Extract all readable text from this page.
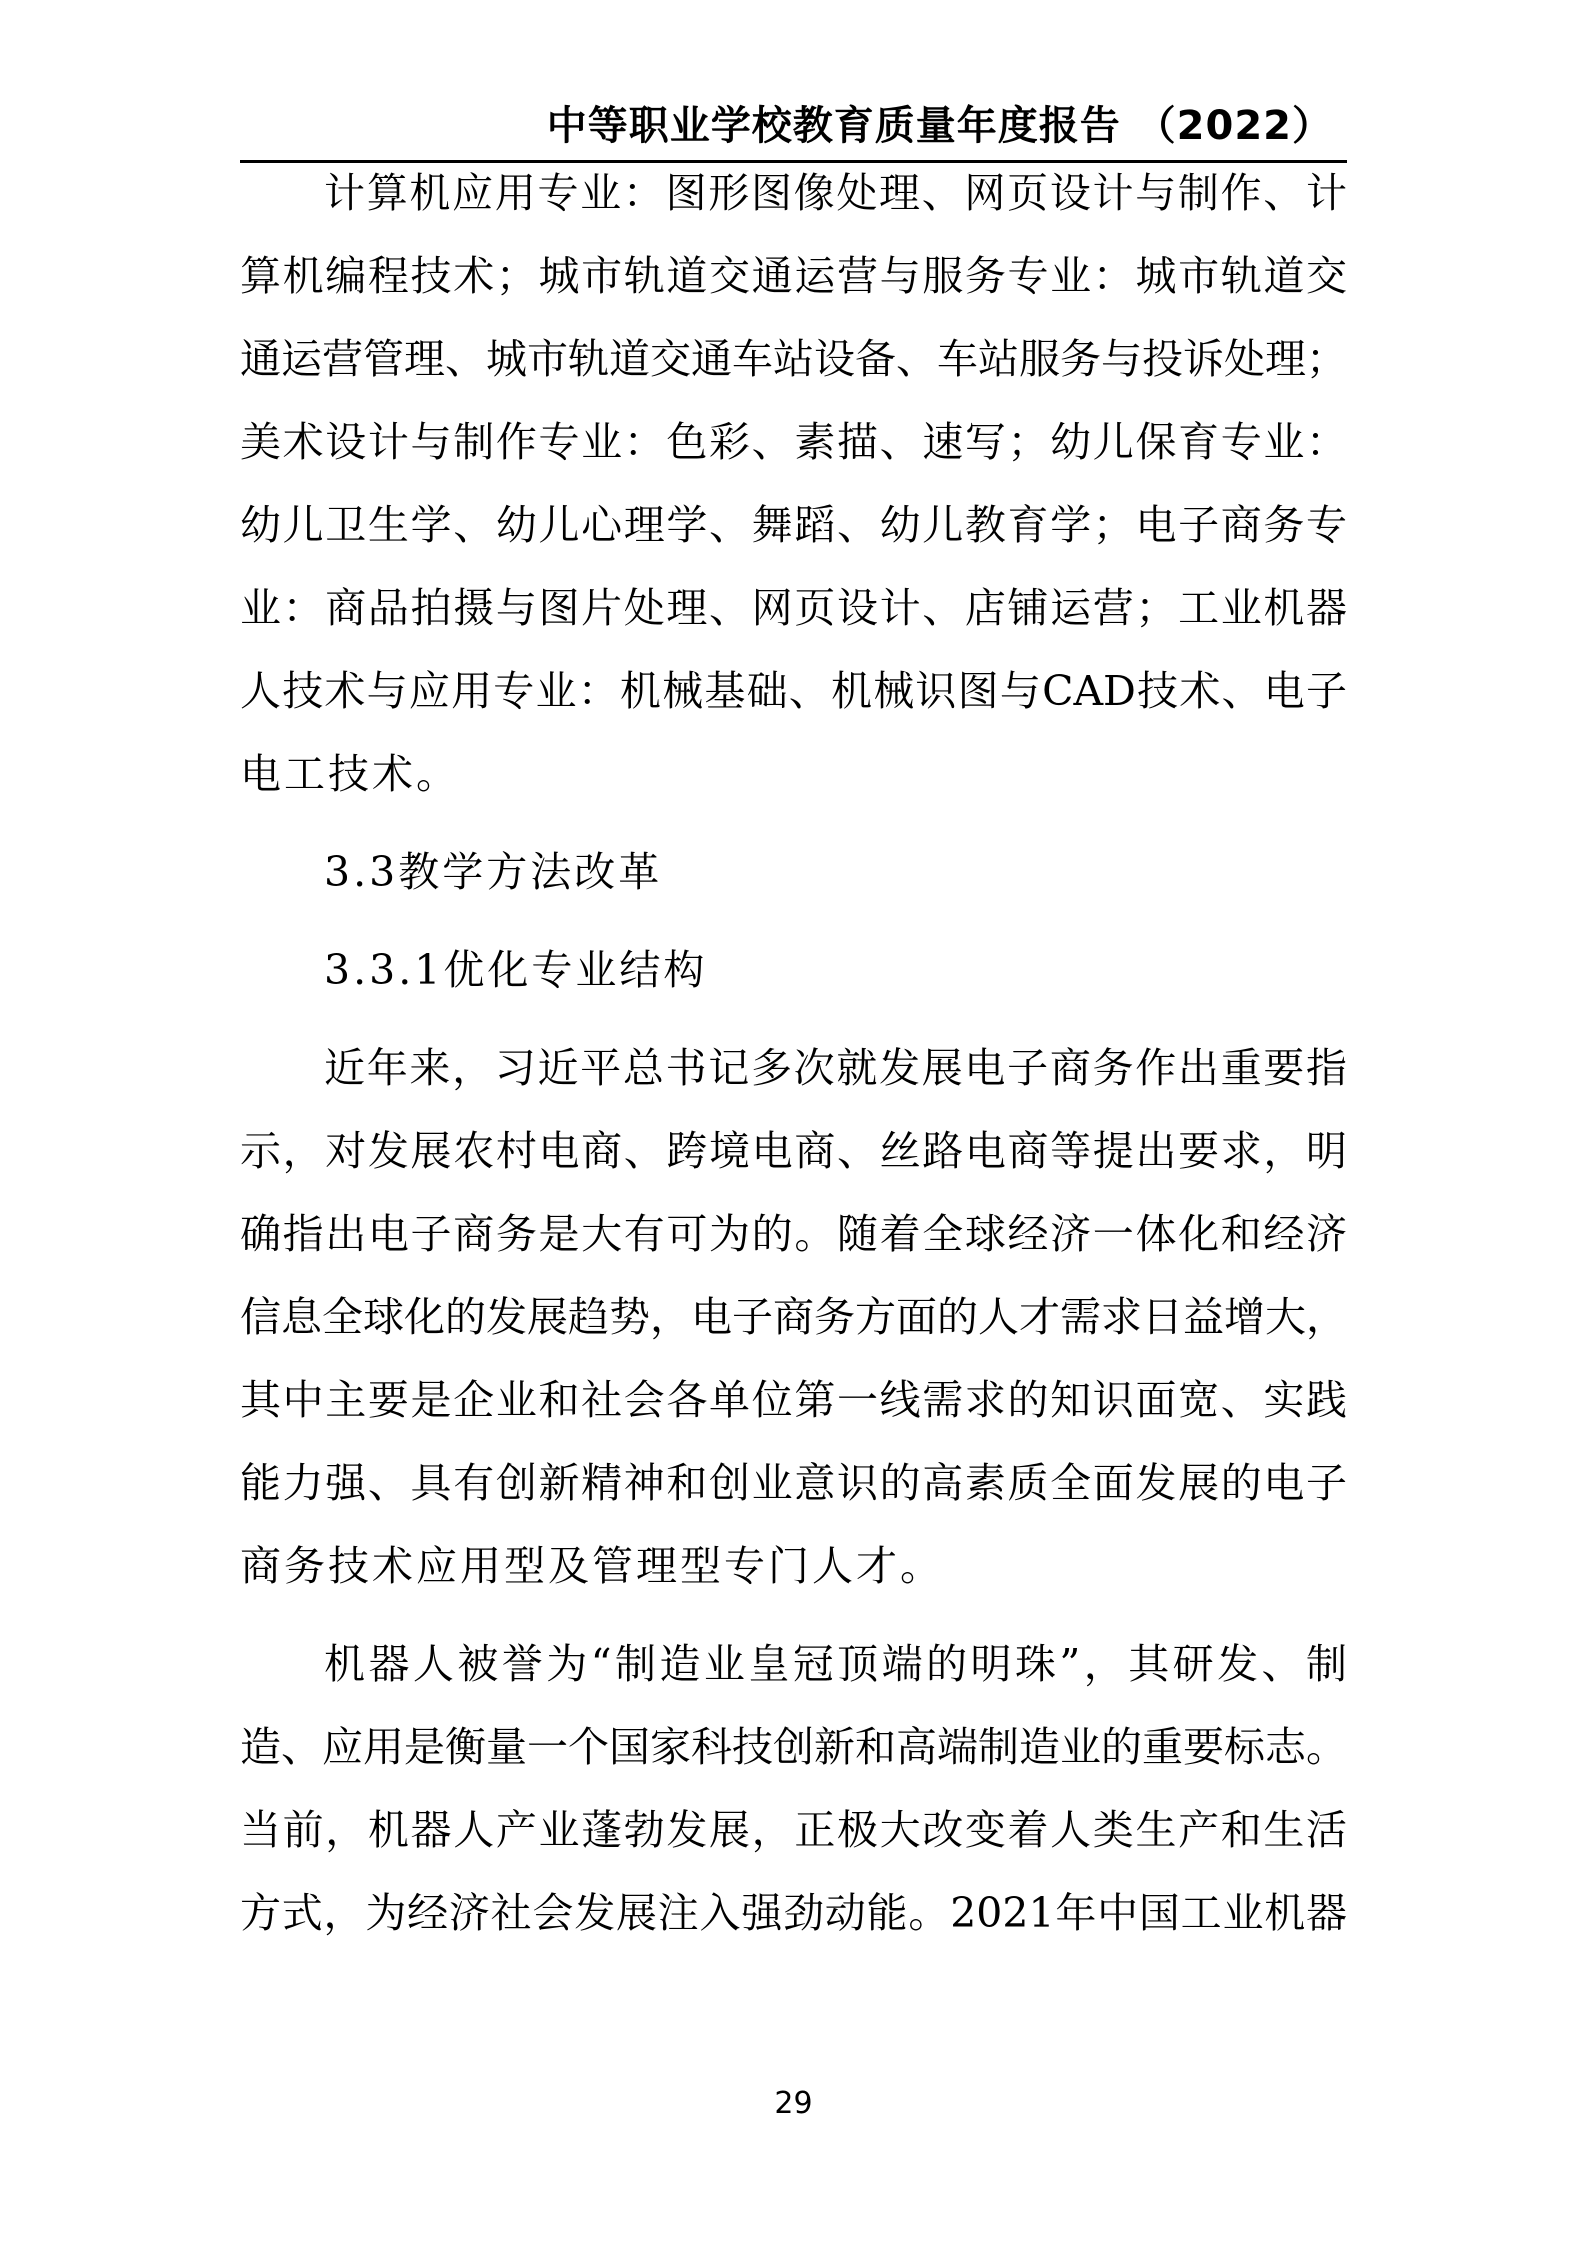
中等职业学校教育质量年度报告 （2022）
计算机应用专业：图形图像处理、网页设计与制作、计
算机编程技术；城市轨道交通运营与服务专业：城市轨道交
通运营管理、城市轨道交通车站设备、车站服务与投诉处理；
美术设计与制作专业：色彩、素描、速写；幼儿保育专业：
幼儿卫生学、幼儿心理学、舞蹈、幼儿教育学；电子商务专
业：商品拍摄与图片处理、网页设计、店铺运营；工业机器
人技术与应用专业：机械基础、机械识图与CAD技术、电子
电工技术。
3.3教学方法改革
3.3.1优化专业结构
近年来，习近平总书记多次就发展电子商务作出重要指
示，对发展农村电商、跨境电商、丝路电商等提出要求，明
确指出电子商务是大有可为的。随着全球经济一体化和经济
信息全球化的发展趋势，电子商务方面的人才需求日益增大，
其中主要是企业和社会各单位第一线需求的知识面宽、实践
能力强、具有创新精神和创业意识的高素质全面发展的电子
商务技术应用型及管理型专门人才。
机器人被誉为“制造业皇冠顶端的明珠”，其研发、制
造、应用是衡量一个国家科技创新和高端制造业的重要标志。
当前，机器人产业蓬勃发展，正极大改变着人类生产和生活
方式，为经济社会发展注入强劲动能。2021年中国工业机器
29
